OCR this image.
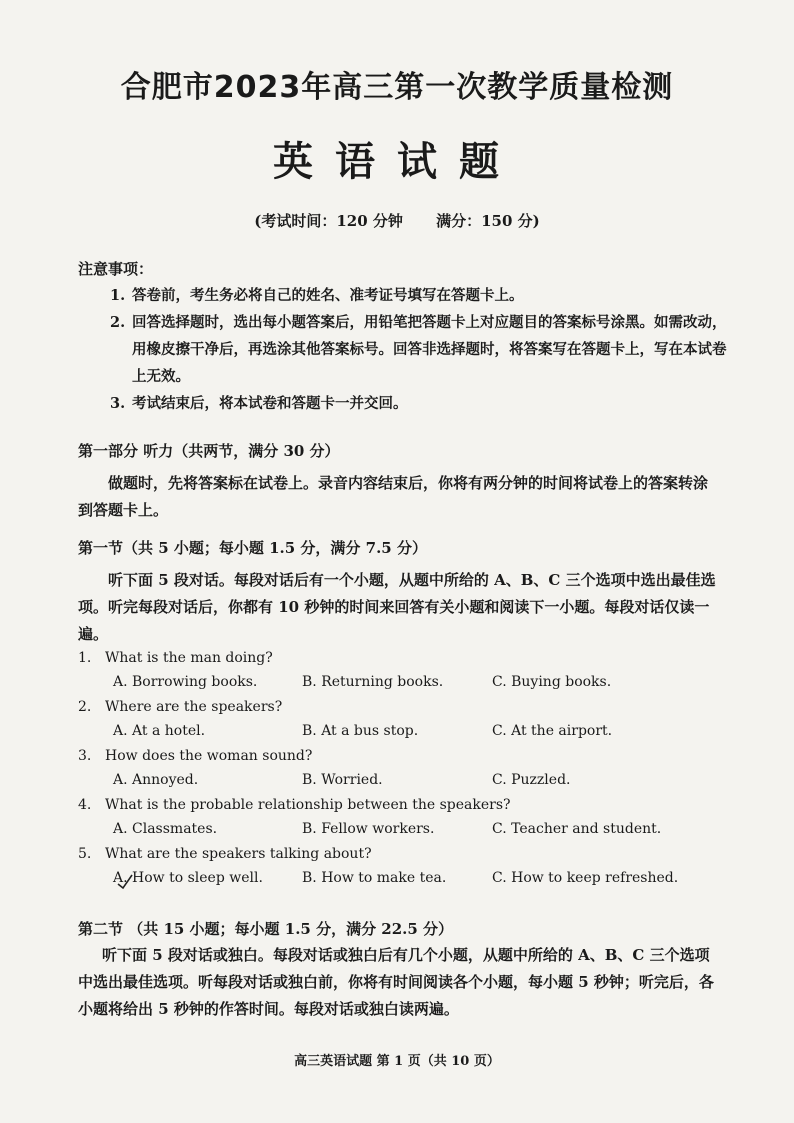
合肥市2023年高三第一次教学质量检测
英语试题
(考试时间：120 分钟 满分：150 分)
注意事项：
1. 答卷前，考生务必将自己的姓名、准考证号填写在答题卡上。
2. 回答选择题时，选出每小题答案后，用铅笔把答题卡上对应题目的答案标号涂黑。如需改动，用橡皮擦干净后，再选涂其他答案标号。回答非选择题时，将答案写在答题卡上，写在本试卷上无效。
3. 考试结束后，将本试卷和答题卡一并交回。
第一部分 听力（共两节，满分 30 分）
做题时，先将答案标在试卷上。录音内容结束后，你将有两分钟的时间将试卷上的答案转涂到答题卡上。
第一节（共 5 小题；每小题 1.5 分，满分 7.5 分）
听下面 5 段对话。每段对话后有一个小题，从题中所给的 A、B、C 三个选项中选出最佳选项。听完每段对话后，你都有 10 秒钟的时间来回答有关小题和阅读下一小题。每段对话仅读一遍。
1. What is the man doing?
A. Borrowing books.	B. Returning books.	C. Buying books.
2. Where are the speakers?
A. At a hotel.	B. At a bus stop.	C. At the airport.
3. How does the woman sound?
A. Annoyed.	B. Worried.	C. Puzzled.
4. What is the probable relationship between the speakers?
A. Classmates.	B. Fellow workers.	C. Teacher and student.
5. What are the speakers talking about?
A. How to sleep well.	B. How to make tea.	C. How to keep refreshed.
第二节 （共 15 小题；每小题 1.5 分，满分 22.5 分）
听下面 5 段对话或独白。每段对话或独白后有几个小题，从题中所给的 A、B、C 三个选项中选出最佳选项。听每段对话或独白前，你将有时间阅读各个小题，每小题 5 秒钟；听完后，各小题将给出 5 秒钟的作答时间。每段对话或独白读两遍。
高三英语试题 第 1 页（共 10 页）
